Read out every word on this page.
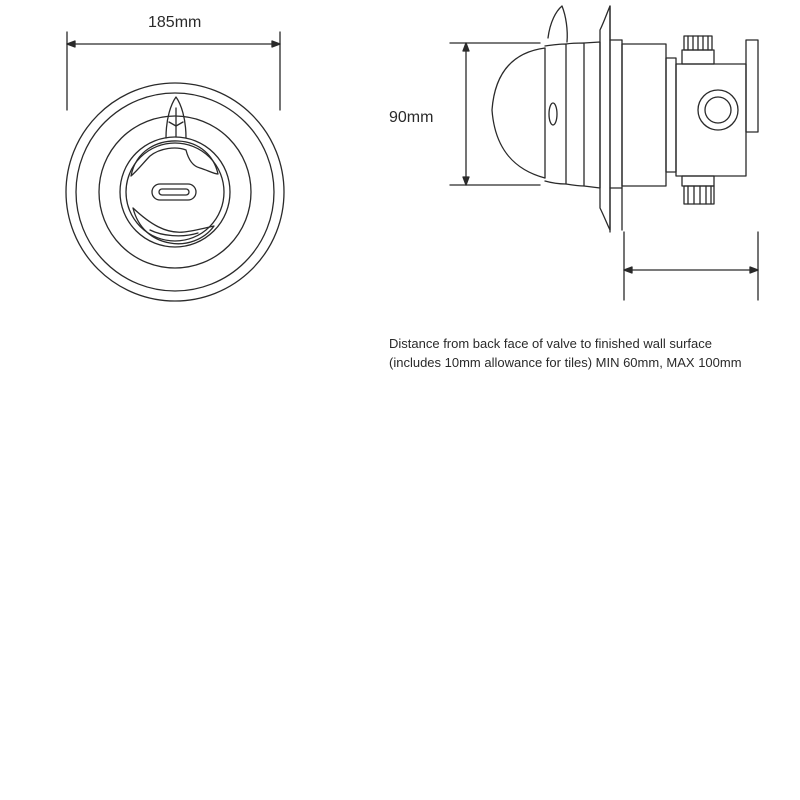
185mm
90mm
Distance from back face of valve to finished wall surface
(includes 10mm allowance for tiles) MIN 60mm, MAX 100mm
